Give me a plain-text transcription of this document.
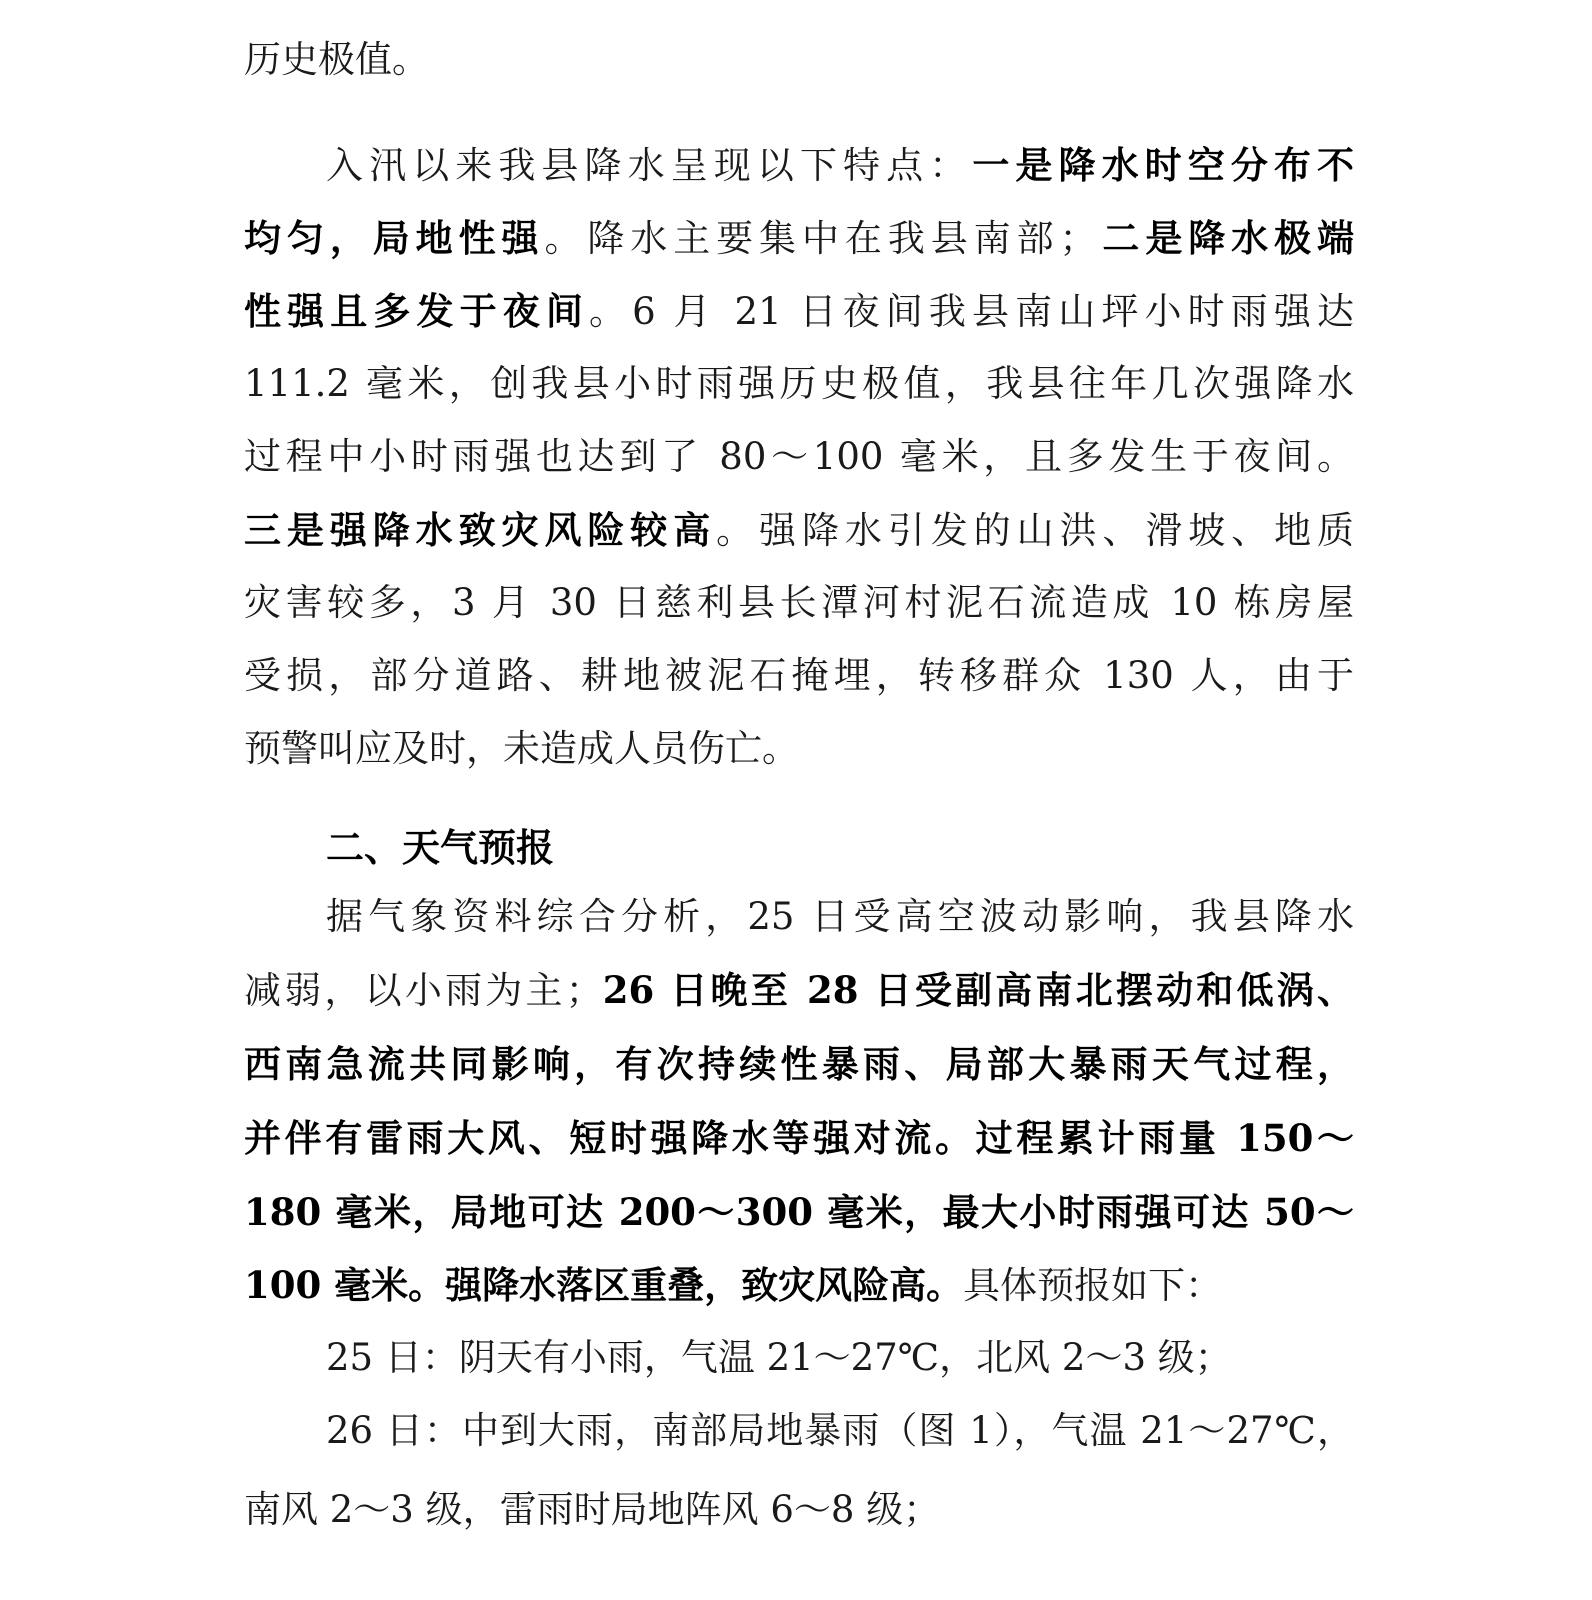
历史极值。
入汛以来我县降水呈现以下特点：一是降水时空分布不
均匀，局地性强。降水主要集中在我县南部；二是降水极端
性强且多发于夜间。6 月 21 日夜间我县南山坪小时雨强达
111.2 毫米，创我县小时雨强历史极值，我县往年几次强降水
过程中小时雨强也达到了 80～100 毫米，且多发生于夜间。
三是强降水致灾风险较高。强降水引发的山洪、滑坡、地质
灾害较多，3 月 30 日慈利县长潭河村泥石流造成 10 栋房屋
受损，部分道路、耕地被泥石掩埋，转移群众 130 人，由于
预警叫应及时，未造成人员伤亡。
二、天气预报
据气象资料综合分析，25 日受高空波动影响，我县降水
减弱，以小雨为主；26 日晚至 28 日受副高南北摆动和低涡、
西南急流共同影响，有次持续性暴雨、局部大暴雨天气过程，
并伴有雷雨大风、短时强降水等强对流。过程累计雨量 150～
180 毫米，局地可达 200～300 毫米，最大小时雨强可达 50～
100 毫米。强降水落区重叠，致灾风险高。具体预报如下：
25 日：阴天有小雨，气温 21～27℃，北风 2～3 级；
26 日：中到大雨，南部局地暴雨（图 1），气温 21～27℃，
南风 2～3 级，雷雨时局地阵风 6～8 级；
